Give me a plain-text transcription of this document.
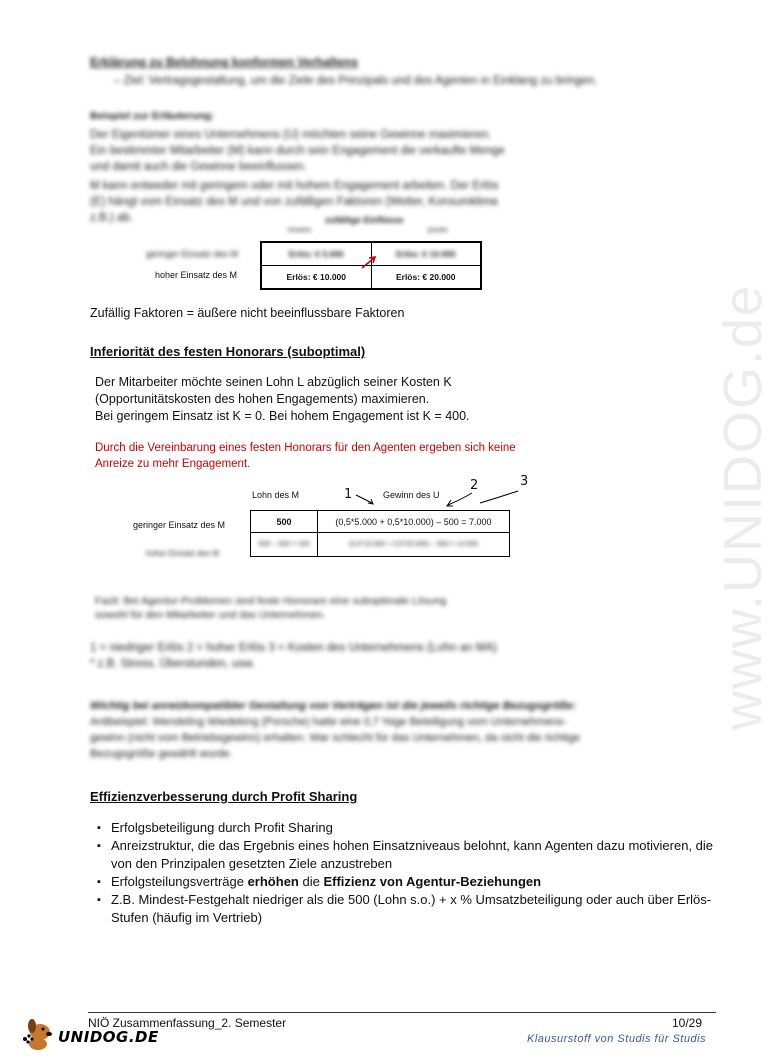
www.UNIDOG.de
Erklärung zu Belohnung konformen Verhaltens
– Ziel: Vertragsgestaltung, um die Ziele des Prinzipals und des Agenten in Einklang zu bringen.
Beispiel zur Erläuterung:
Der Eigentümer eines Unternehmens (U) möchten seine Gewinne maximieren.
Ein bestimmter Mitarbeiter (M) kann durch sein Engagement die verkaufte Menge
und damit auch die Gewinne beeinflussen.
M kann entweder mit geringem oder mit hohem Engagement arbeiten. Der Erlös
(E) hängt vom Einsatz des M und von zufälligen Faktoren (Wetter, Konsumklima
z.B.) ab.	zufällige Einflüsse
hinweis	positiv
geringer Einsatz des M
hoher Einsatz des M
Erlös: € 5.000	Erlös: € 10.000
Erlös: € 10.000	Erlös: € 20.000
Zufällig Faktoren = äußere nicht beeinflussbare Faktoren
Inferiorität des festen Honorars (suboptimal)
Der Mitarbeiter möchte seinen Lohn L abzüglich seiner Kosten K
(Opportunitätskosten des hohen Engagements) maximieren.
Bei geringem Einsatz ist K = 0. Bei hohem Engagement ist K = 400.
Durch die Vereinbarung eines festen Honorars für den Agenten ergeben sich keine
Anreize zu mehr Engagement.
Lohn des M	Gewinn des U
1
2	3
geringer Einsatz des M
hoher Einsatz des M
500	(0,5*5.000 + 0,5*10.000) – 500 = 7.000
500 – 400 = 100	(0,5*10.000 + 0,5*20.000) – 500 = 14.500
Fazit: Bei Agentur-Problemen sind feste Honorare eine suboptimale Lösung
sowohl für den Mitarbeiter und das Unternehmen.
1 = niedriger Erlös 2 = hoher Erlös 3 = Kosten des Unternehmens (Lohn an MA)
* z.B. Stress, Überstunden, usw.
Wichtig bei anreizkompatibler Gestaltung von Verträgen ist die jeweils richtige Bezugsgröße:
Antibeispiel: Wendeling Wiedeking (Porsche) hatte eine 0,7 %ige Beteiligung vom Unternehmens-
gewinn (nicht vom Betriebsgewinn) erhalten. War schlecht für das Unternehmen, da nicht die richtige
Bezugsgröße gewählt wurde.
Effizienzverbesserung durch Profit Sharing
▪ Erfolgsbeteiligung durch Profit Sharing
▪ Anreizstruktur, die das Ergebnis eines hohen Einsatzniveaus belohnt, kann Agenten dazu motivieren, die von den Prinzipalen gesetzten Ziele anzustreben
▪ Erfolgsteilungsverträge erhöhen die Effizienz von Agentur-Beziehungen
▪ Z.B. Mindest-Festgehalt niedriger als die 500 (Lohn s.o.) + x % Umsatzbeteiligung oder auch über Erlös-Stufen (häufig im Vertrieb)
UNIDOG.DE
NIÖ Zusammenfassung_2. Semester	10/29
Klausurstoff von Studis für Studis
